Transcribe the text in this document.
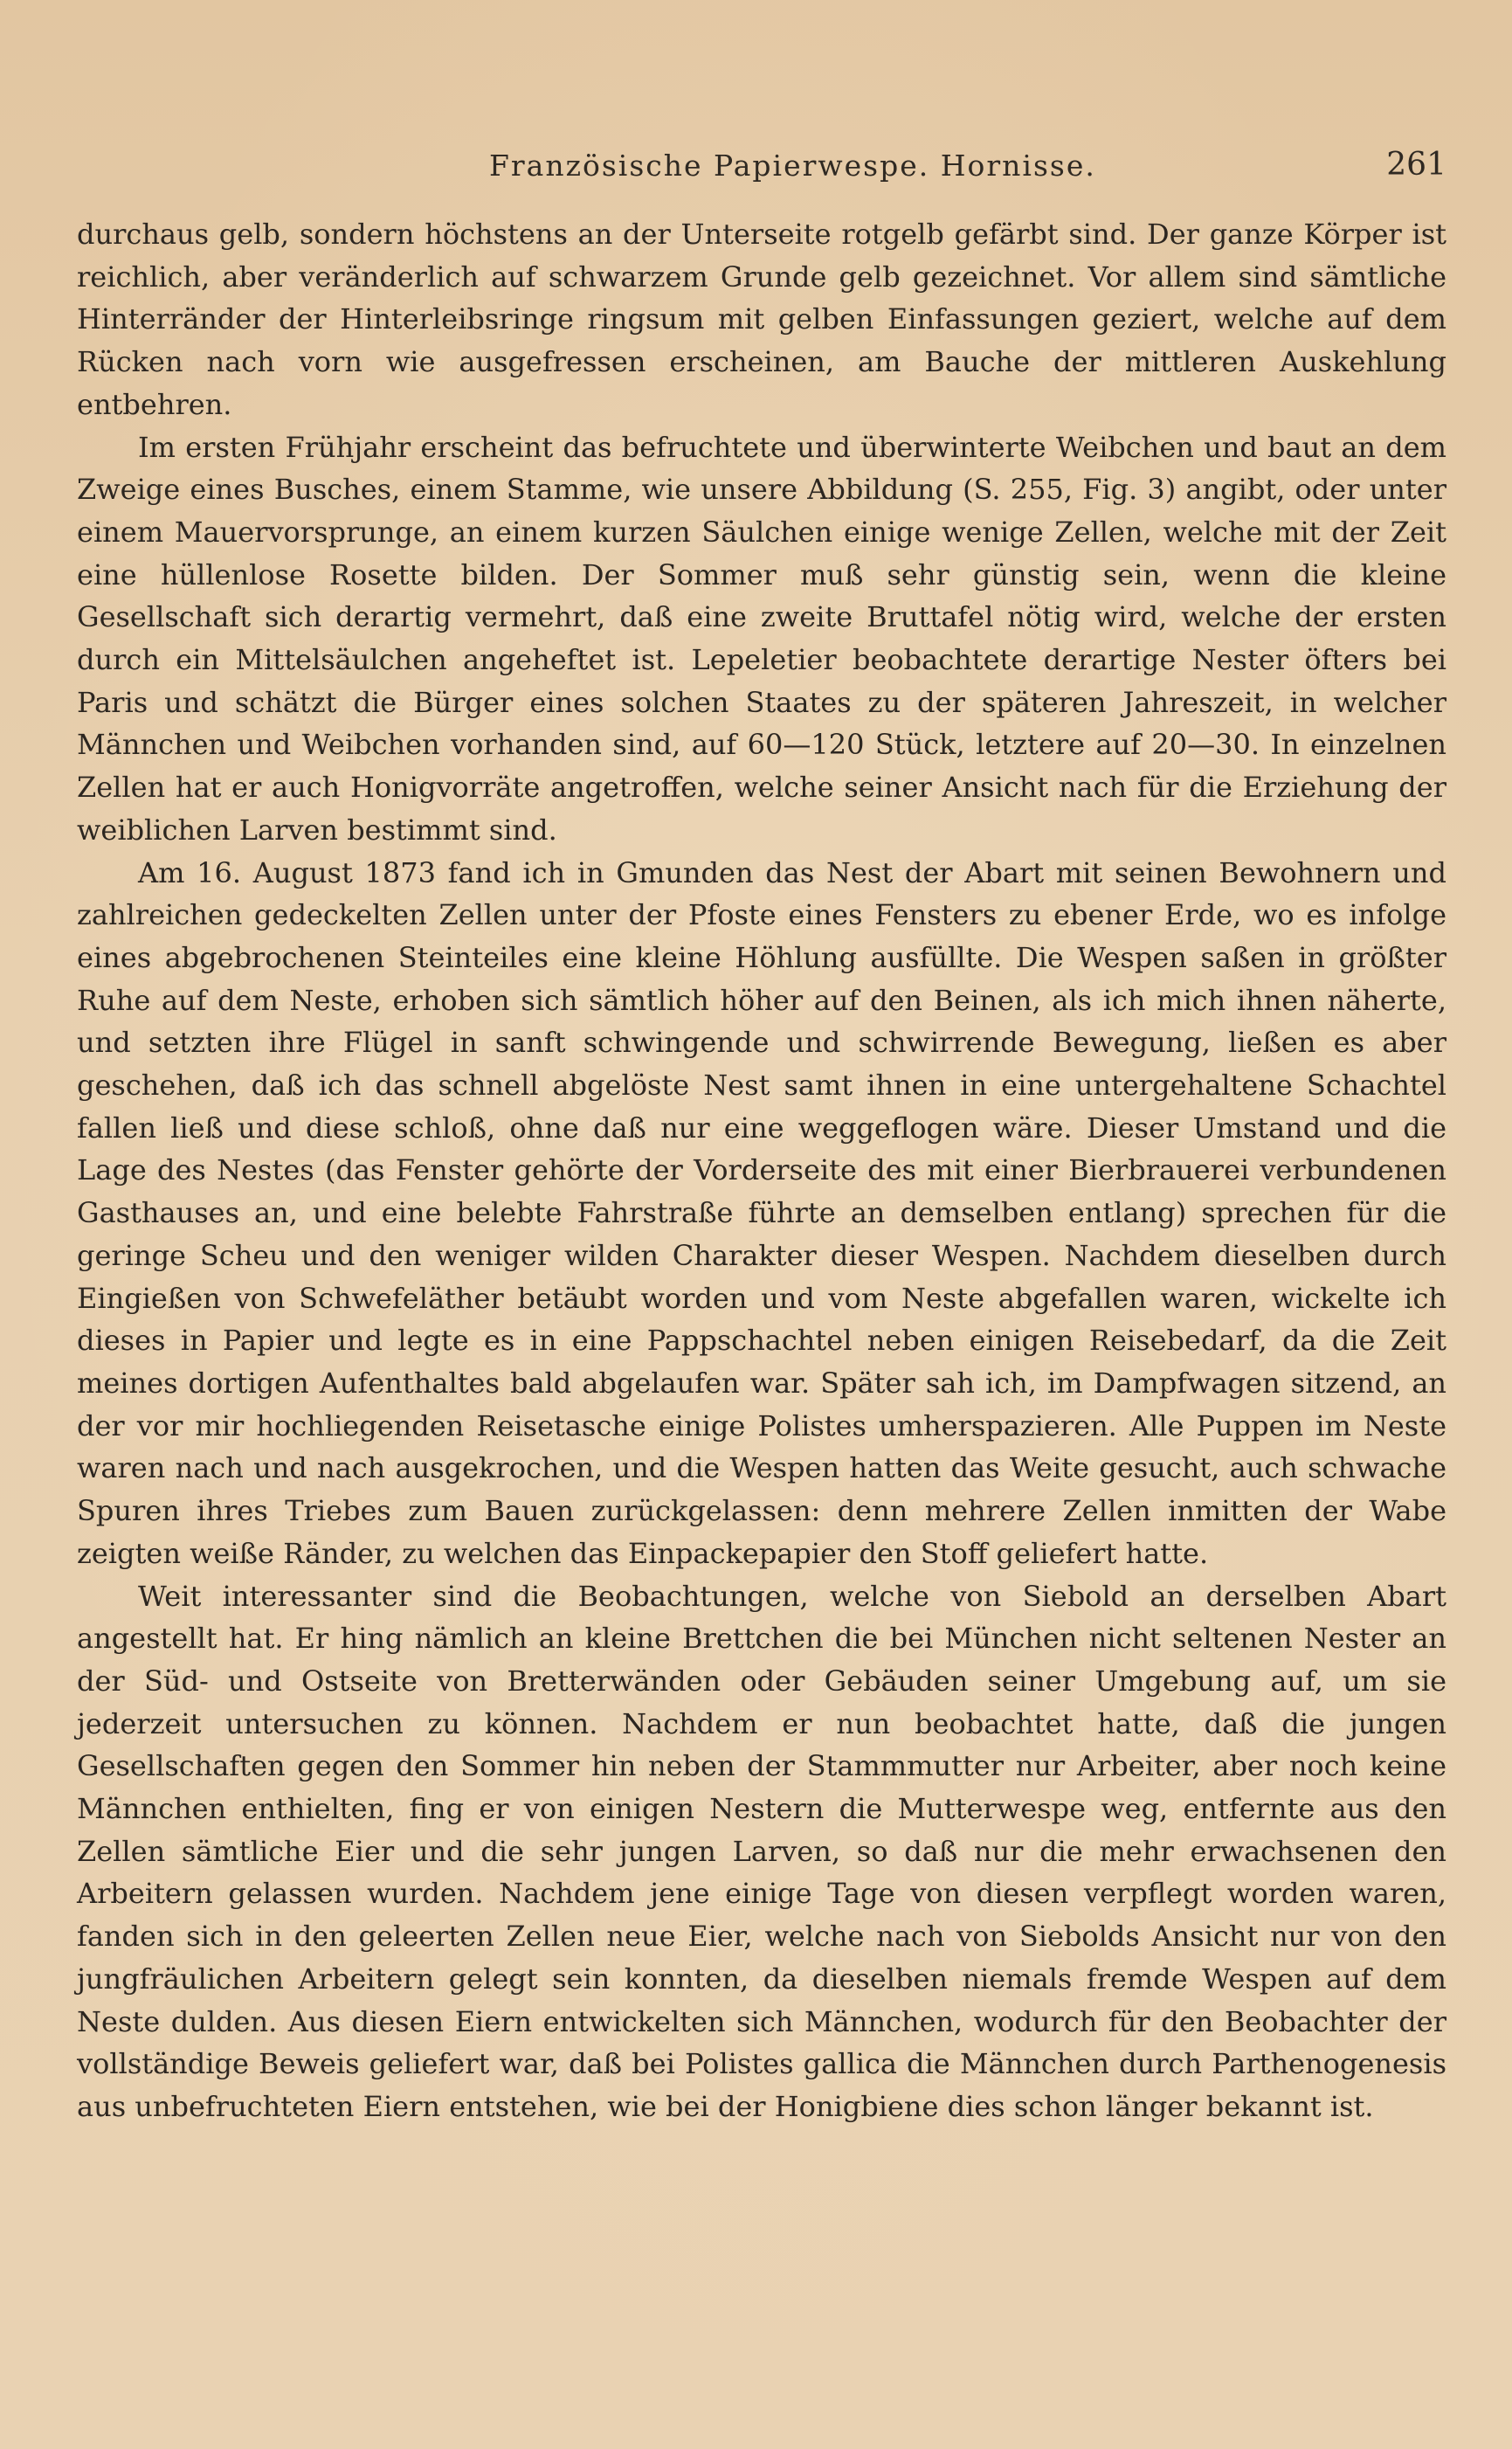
Französische Papierwespe. Hornisse.	261

durchaus gelb, sondern höchstens an der Unterseite rotgelb gefärbt sind. Der ganze Körper ist reichlich, aber veränderlich auf schwarzem Grunde gelb gezeichnet. Vor allem sind sämtliche Hinterränder der Hinterleibsringe ringsum mit gelben Einfassungen geziert, welche auf dem Rücken nach vorn wie ausgefressen erscheinen, am Bauche der mittleren Auskehlung entbehren.

Im ersten Frühjahr erscheint das befruchtete und überwinterte Weibchen und baut an dem Zweige eines Busches, einem Stamme, wie unsere Abbildung (S. 255, Fig. 3) angibt, oder unter einem Mauervorsprunge, an einem kurzen Säulchen einige wenige Zellen, welche mit der Zeit eine hüllenlose Rosette bilden. Der Sommer muß sehr günstig sein, wenn die kleine Gesellschaft sich derartig vermehrt, daß eine zweite Bruttafel nötig wird, welche der ersten durch ein Mittelsäulchen angeheftet ist. Lepeletier beobachtete derartige Nester öfters bei Paris und schätzt die Bürger eines solchen Staates zu der späteren Jahreszeit, in welcher Männchen und Weibchen vorhanden sind, auf 60—120 Stück, letztere auf 20—30. In einzelnen Zellen hat er auch Honigvorräte angetroffen, welche seiner Ansicht nach für die Erziehung der weiblichen Larven bestimmt sind.

Am 16. August 1873 fand ich in Gmunden das Nest der Abart mit seinen Bewohnern und zahlreichen gedeckelten Zellen unter der Pfoste eines Fensters zu ebener Erde, wo es infolge eines abgebrochenen Steinteiles eine kleine Höhlung ausfüllte. Die Wespen saßen in größter Ruhe auf dem Neste, erhoben sich sämtlich höher auf den Beinen, als ich mich ihnen näherte, und setzten ihre Flügel in sanft schwingende und schwirrende Bewegung, ließen es aber geschehen, daß ich das schnell abgelöste Nest samt ihnen in eine untergehaltene Schachtel fallen ließ und diese schloß, ohne daß nur eine weggeflogen wäre. Dieser Umstand und die Lage des Nestes (das Fenster gehörte der Vorderseite des mit einer Bierbrauerei verbundenen Gasthauses an, und eine belebte Fahrstraße führte an demselben entlang) sprechen für die geringe Scheu und den weniger wilden Charakter dieser Wespen. Nachdem dieselben durch Eingießen von Schwefeläther betäubt worden und vom Neste abgefallen waren, wickelte ich dieses in Papier und legte es in eine Pappschachtel neben einigen Reisebedarf, da die Zeit meines dortigen Aufenthaltes bald abgelaufen war. Später sah ich, im Dampfwagen sitzend, an der vor mir hochliegenden Reisetasche einige Polistes umherspazieren. Alle Puppen im Neste waren nach und nach ausgekrochen, und die Wespen hatten das Weite gesucht, auch schwache Spuren ihres Triebes zum Bauen zurückgelassen: denn mehrere Zellen inmitten der Wabe zeigten weiße Ränder, zu welchen das Einpackepapier den Stoff geliefert hatte.

Weit interessanter sind die Beobachtungen, welche von Siebold an derselben Abart angestellt hat. Er hing nämlich an kleine Brettchen die bei München nicht seltenen Nester an der Süd- und Ostseite von Bretterwänden oder Gebäuden seiner Umgebung auf, um sie jederzeit untersuchen zu können. Nachdem er nun beobachtet hatte, daß die jungen Gesellschaften gegen den Sommer hin neben der Stammmutter nur Arbeiter, aber noch keine Männchen enthielten, fing er von einigen Nestern die Mutterwespe weg, entfernte aus den Zellen sämtliche Eier und die sehr jungen Larven, so daß nur die mehr erwachsenen den Arbeitern gelassen wurden. Nachdem jene einige Tage von diesen verpflegt worden waren, fanden sich in den geleerten Zellen neue Eier, welche nach von Siebolds Ansicht nur von den jungfräulichen Arbeitern gelegt sein konnten, da dieselben niemals fremde Wespen auf dem Neste dulden. Aus diesen Eiern entwickelten sich Männchen, wodurch für den Beobachter der vollständige Beweis geliefert war, daß bei Polistes gallica die Männchen durch Parthenogenesis aus unbefruchteten Eiern entstehen, wie bei der Honigbiene dies schon länger bekannt ist.
